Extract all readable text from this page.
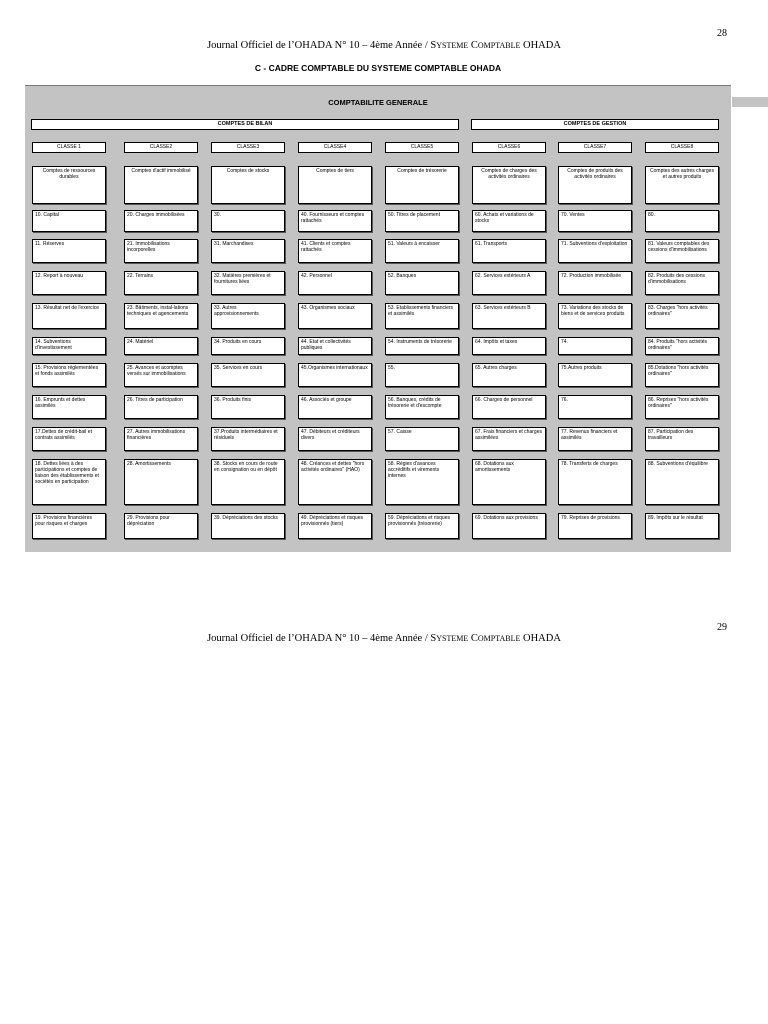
28
Journal Officiel de l’OHADA N° 10 – 4ème Année / SYSTEME COMPTABLE OHADA
C - CADRE COMPTABLE DU SYSTEME COMPTABLE OHADA
COMPTABILITE GENERALE
COMPTES DE BILAN	COMPTES DE GESTION
CLASSE 1
Comptes de ressources durables
10. Capital
11. Réserves
12. Report à nouveau
13. Résultat net de l'exercice
14. Subventions d'investissement
15. Provisions réglementées et fonds assimilés
16. Emprunts et dettes assimilés
17.Dettes de crédit-bail et contrats assimilés
18. Dettes liées à des participations et comptes de liaison des établissements et sociétés en participation
19. Provisions financières pour risques et charges
CLASSE2
Comptes d'actif immobilisé
20. Charges immobilisées
21. Immobilisations incorporelles
22. Terrains
23. Bâtiments, instal-lations techniques et agencements
24. Matériel
25. Avances et acomptes versés sur immobilisations
26. Titres de participation
27. Autres immobilisations financières
28. Amortissements
29. Provisions pour dépréciation
CLASSE3
Comptes de stocks
30.
31. Marchandises
32. Matières premières et fournitures liées
33. Autres approvisionnements
34. Produits en cours
35. Services en cours
36. Produits finis
37.Produits intermédiaires et résiduels
38. Stocks en cours de route en consignation ou en dépôt
39. Dépréciations des stocks
CLASSE4
Comptes de tiers
40. Fournisseurs et comptes rattachés
41. Clients et comptes rattachés
42. Personnel
43. Organismes sociaux
44. Etat et collectivités publiques
45.Organismes internationaux
46. Associés et groupe
47. Débiteurs et créditeurs divers
48. Créances et dettes "hors activités ordinaires" (HAO)
49. Dépréciations et risques provisionnés (tiers)
CLASSE5
Comptes de trésorerie
50. Titres de placement
51. Valeurs à encaisser
52. Banques
53. Etablissements financiers et assimilés
54. Instruments de trésorerie
55.
56. Banques, crédits de trésorerie et d'escompte
57. Caisse
58. Régies d'avances accréditifs et virements internes
59. Dépréciations et risques provisionnés (trésorerie)
CLASSE6
Comptes de charges des activités ordinaires
60. Achats et variations de stocks
61. Transports
62. Services extérieurs A
63. Services extérieurs B
64. Impôts et taxes
65. Autres charges
66. Charges de personnel
67. Frais financiers et charges assimilées
68. Dotations aux amortissements
69. Dotations aux provisions
CLASSE7
Comptes de produits des activités ordinaires
70. Ventes
71. Subventions d'exploitation
72. Production immobilisée
73. Variations des stocks de biens et de services produits
74.
75.Autres produits
76.
77. Revenus financiers et assimilés
78. Transferts de charges
79. Reprises de provisions
CLASSE8
Comptes des autres charges et autres produits
80.
81. Valeurs comptables des cessions d'immobilisations
82. Produits des cessions d'immobilisations
83. Charges "hors activités ordinaires"
84. Produits "hors activités ordinaires"
85.Dotations "hors activités ordinaires"
86. Reprises "hors activités ordinaires"
87. Participation des travailleurs
88. Subventions d'équilibre
89. Impôts sur le résultat
29
Journal Officiel de l’OHADA N° 10 – 4ème Année / SYSTEME COMPTABLE OHADA
